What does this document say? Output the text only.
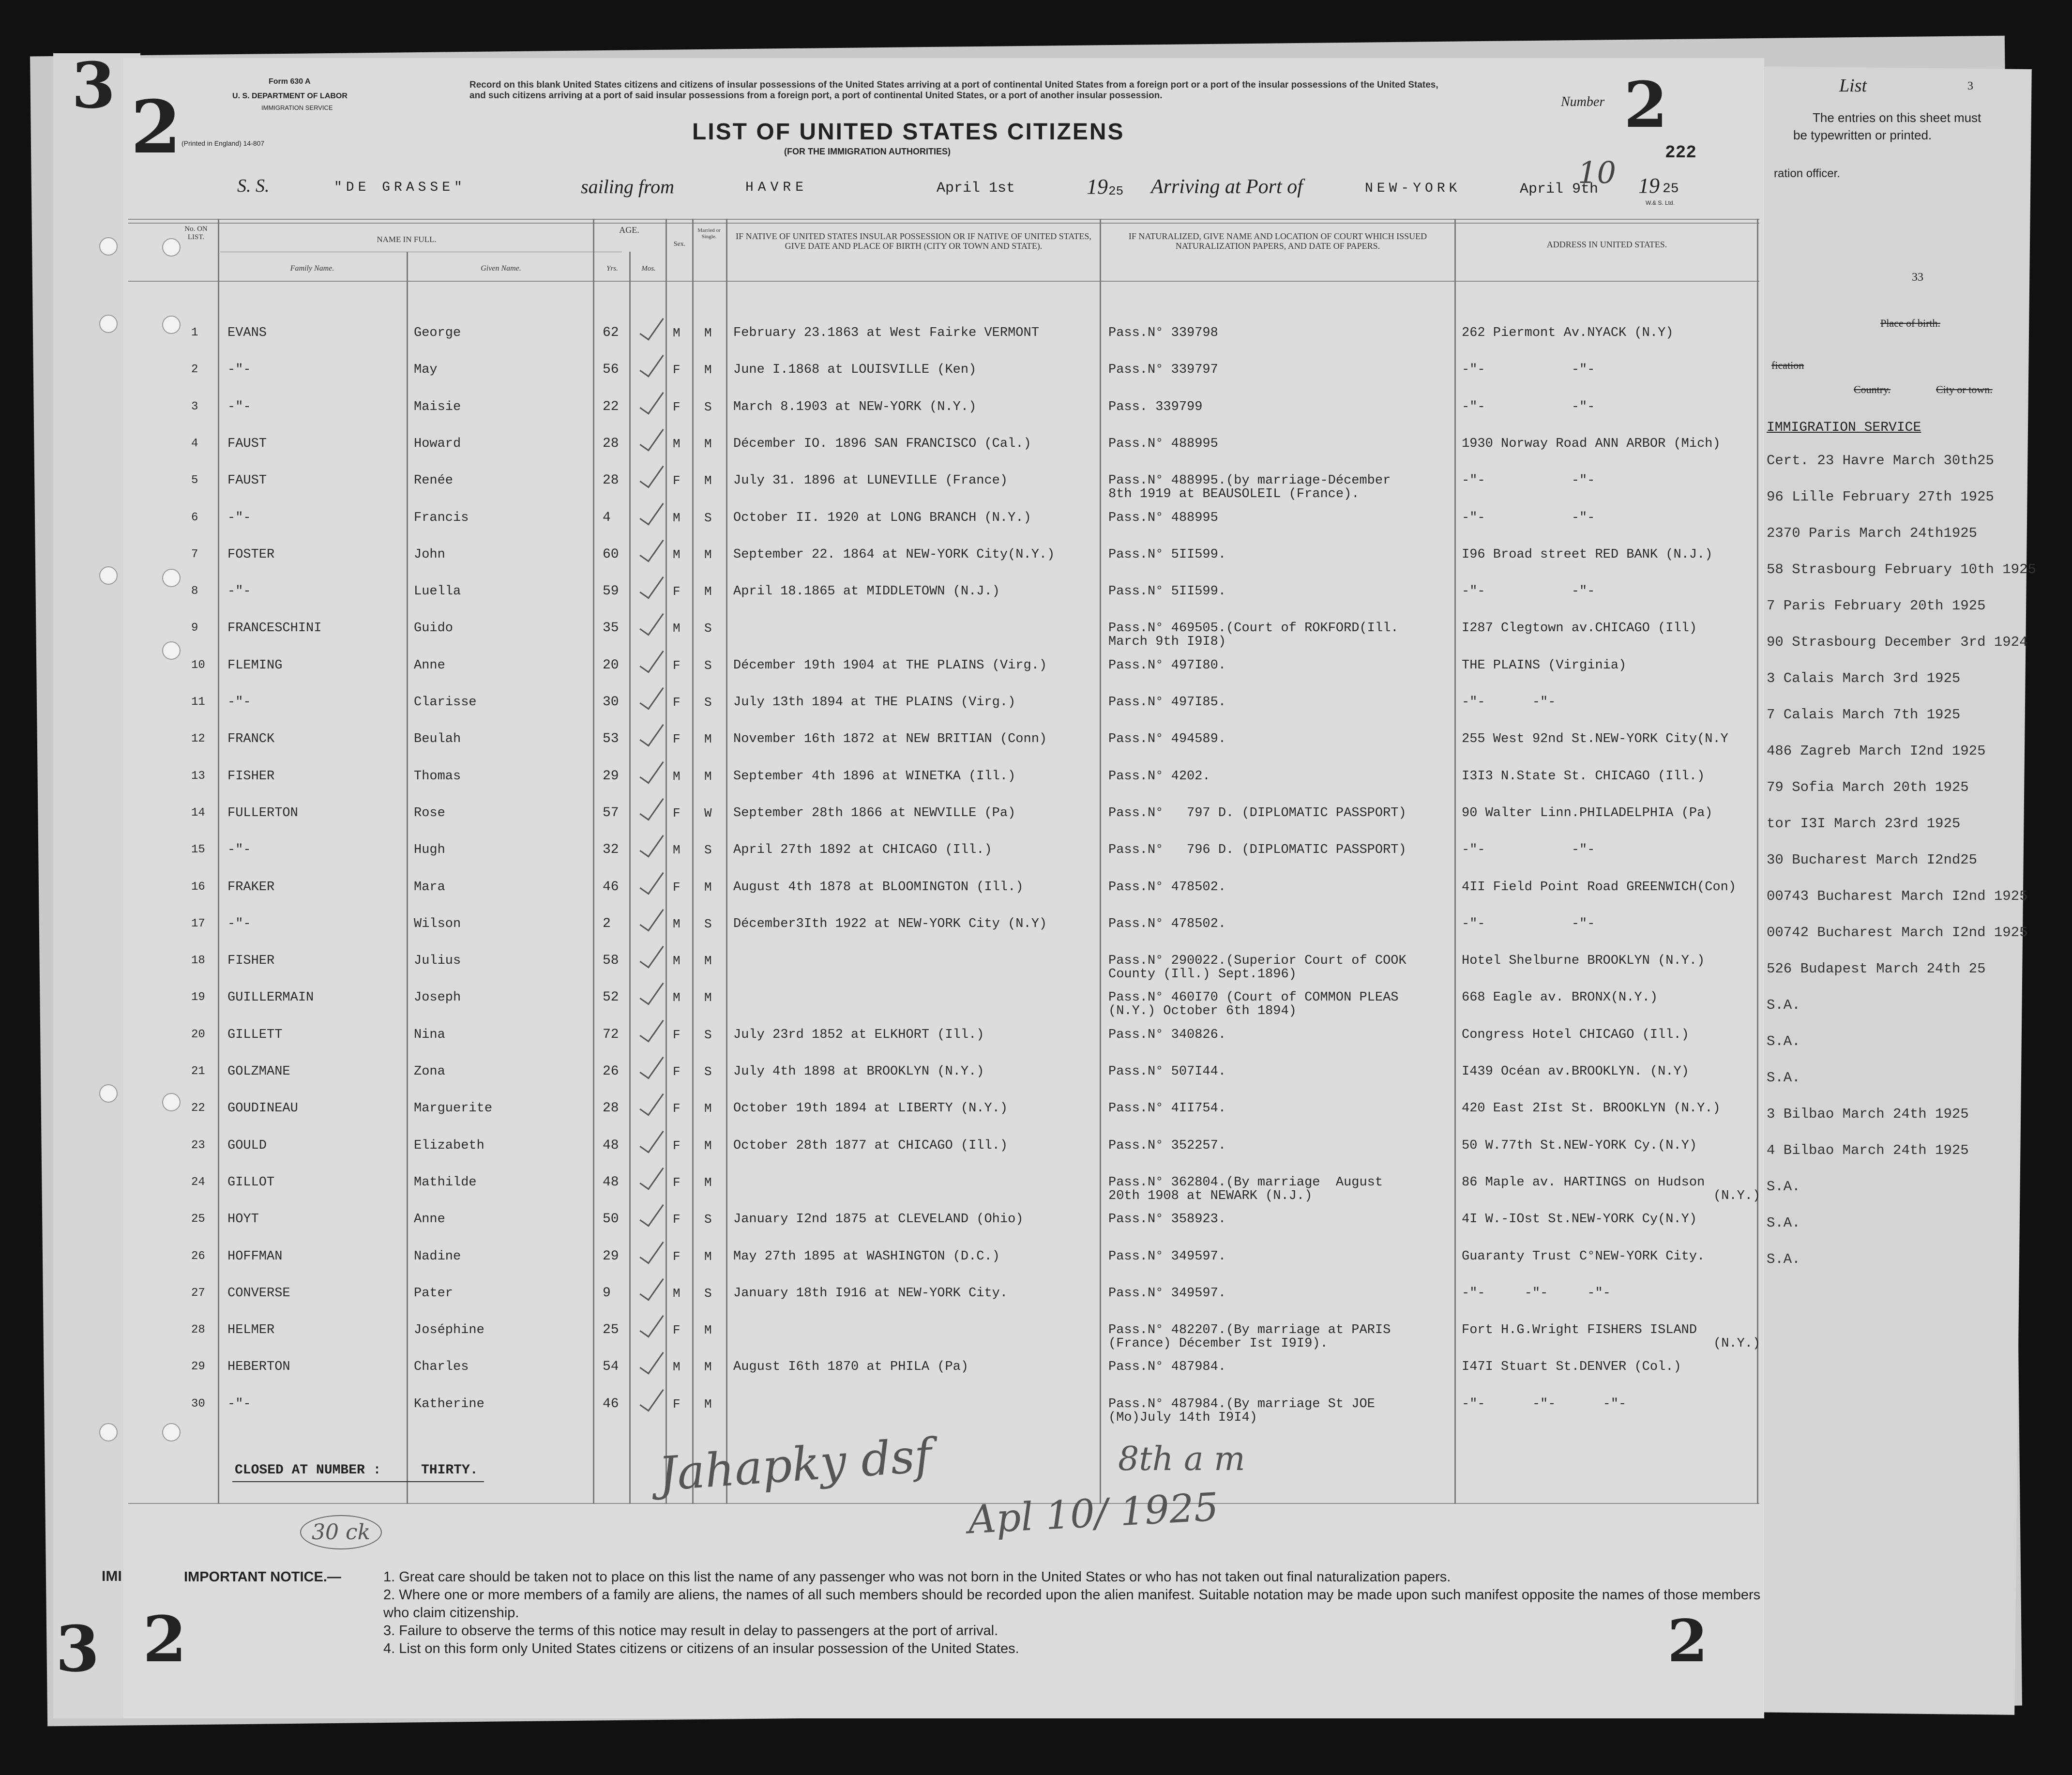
3 2
3 2	2
Form 630 A
U. S. DEPARTMENT OF LABOR
IMMIGRATION SERVICE
(Printed in England) 14-807
Record on this blank United States citizens and citizens of insular possessions of the United States arriving at a port of continental United States from a foreign port or a port of the insular possessions of the United States, and such citizens arriving at a port of said insular possessions from a foreign port, a port of continental United States, or a port of another insular possession.
LIST OF UNITED STATES CITIZENS
(FOR THE IMMIGRATION AUTHORITIES)
Number 2
222
S. S.	"DE GRASSE"	sailing from	HAVRE	April 1st	19 25 Arriving at Port of	NEW-YORK	April 9th
10 19 25
W.& S. Ltd.
No. ON LIST.	NAME IN FULL.
Family Name.	Given Name.
AGE.
Yrs.	Mos.
Sex.
Married or Single.	IF NATIVE OF UNITED STATES INSULAR POSSESSION OR IF NATIVE OF UNITED STATES, GIVE DATE AND PLACE OF BIRTH (CITY OR TOWN AND STATE).
IF NATURALIZED, GIVE NAME AND LOCATION OF COURT WHICH ISSUED NATURALIZATION PAPERS, AND DATE OF PAPERS.	ADDRESS IN UNITED STATES.
1 EVANS	George	62	M M February 23.1863 at West Fairke VERMONT	Pass.N° 339798	262 Piermont Av.NYACK (N.Y)
2 -"-	May	56	F M June I.1868 at LOUISVILLE (Ken)	Pass.N° 339797	-"-           -"-
3 -"-	Maisie	22	F S March 8.1903 at NEW-YORK (N.Y.)	Pass. 339799	-"-           -"-
4 FAUST	Howard	28	M M Décember IO. 1896 SAN FRANCISCO (Cal.)	Pass.N° 488995	1930 Norway Road ANN ARBOR (Mich)
5 FAUST	Renée	28	F M July 31. 1896 at LUNEVILLE (France)	Pass.N° 488995.(by marriage-Décember	-"-           -"-
8th 1919 at BEAUSOLEIL (France).
6 -"-	Francis	4	M S October II. 1920 at LONG BRANCH (N.Y.)	Pass.N° 488995	-"-           -"-
7 FOSTER	John	60	M M September 22. 1864 at NEW-YORK City(N.Y.)	Pass.N° 5II599.	I96 Broad street RED BANK (N.J.)
8 -"-	Luella	59	F M April 18.1865 at MIDDLETOWN (N.J.)	Pass.N° 5II599.	-"-           -"-
9 FRANCESCHINI	Guido	35	M S	Pass.N° 469505.(Court of ROKFORD(Ill.	I287 Clegtown av.CHICAGO (Ill)
March 9th I9I8)
10 FLEMING	Anne	20	F S Décember 19th 1904 at THE PLAINS (Virg.)	Pass.N° 497I80.	THE PLAINS (Virginia)
11 -"-	Clarisse	30	F S July 13th 1894 at THE PLAINS (Virg.)	Pass.N° 497I85.	-"-      -"-
12 FRANCK	Beulah	53	F M November 16th 1872 at NEW BRITIAN (Conn)	Pass.N° 494589.	255 West 92nd St.NEW-YORK City(N.Y
13 FISHER	Thomas	29	M M September 4th 1896 at WINETKA (Ill.)	Pass.N° 4202.	I3I3 N.State St. CHICAGO (Ill.)
14 FULLERTON	Rose	57	F W September 28th 1866 at NEWVILLE (Pa)	Pass.N°   797 D. (DIPLOMATIC PASSPORT)	90 Walter Linn.PHILADELPHIA (Pa)
15 -"-	Hugh	32	M S April 27th 1892 at CHICAGO (Ill.)	Pass.N°   796 D. (DIPLOMATIC PASSPORT)	-"-           -"-
16 FRAKER	Mara	46	F M August 4th 1878 at BLOOMINGTON (Ill.)	Pass.N° 478502.	4II Field Point Road GREENWICH(Con)
17 -"-	Wilson	2	M S Décember3Ith 1922 at NEW-YORK City (N.Y)	Pass.N° 478502.	-"-           -"-
18 FISHER	Julius	58	M M	Pass.N° 290022.(Superior Court of COOK	Hotel Shelburne BROOKLYN (N.Y.)
County (Ill.) Sept.1896)
19 GUILLERMAIN	Joseph	52	M M	Pass.N° 460I70 (Court of COMMON PLEAS	668 Eagle av. BRONX(N.Y.)
(N.Y.) October 6th 1894)
20 GILLETT	Nina	72	F S July 23rd 1852 at ELKHORT (Ill.)	Pass.N° 340826.	Congress Hotel CHICAGO (Ill.)
21 GOLZMANE	Zona	26	F S July 4th 1898 at BROOKLYN (N.Y.)	Pass.N° 507I44.	I439 Océan av.BROOKLYN. (N.Y)
22 GOUDINEAU	Marguerite	28	F M October 19th 1894 at LIBERTY (N.Y.)	Pass.N° 4II754.	420 East 2Ist St. BROOKLYN (N.Y.)
23 GOULD	Elizabeth	48	F M October 28th 1877 at CHICAGO (Ill.)	Pass.N° 352257.	50 W.77th St.NEW-YORK Cy.(N.Y)
24 GILLOT	Mathilde	48	F M	Pass.N° 362804.(By marriage  August	86 Maple av. HARTINGS on Hudson
20th 1908 at NEWARK (N.J.)	(N.Y.)
25 HOYT	Anne	50	F S January I2nd 1875 at CLEVELAND (Ohio)	Pass.N° 358923.	4I W.-IOst St.NEW-YORK Cy(N.Y)
26 HOFFMAN	Nadine	29	F M May 27th 1895 at WASHINGTON (D.C.)	Pass.N° 349597.	Guaranty Trust C°NEW-YORK City.
27 CONVERSE	Pater	9	M S January 18th I916 at NEW-YORK City.	Pass.N° 349597.	-"-     -"-     -"-
28 HELMER	Joséphine	25	F M	Pass.N° 482207.(By marriage at PARIS	Fort H.G.Wright FISHERS ISLAND
(France) Décember Ist I9I9).	(N.Y.)
29 HEBERTON	Charles	54	M M August I6th 1870 at PHILA (Pa)	Pass.N° 487984.	I47I Stuart St.DENVER (Col.)
30 -"-	Katherine	46	F M	Pass.N° 487984.(By marriage St JOE	-"-      -"-      -"-
(Mo)July 14th I9I4)
CLOSED AT NUMBER :	THIRTY.
30 ck
Jahapky dsf	8th a m
Apl 10/ 1925
IMPORTANT NOTICE.—	1. Great care should be taken not to place on this list the name of any passenger who was not born in the United States or who has not taken out final naturalization papers.
2. Where one or more members of a family are aliens, the names of all such members should be recorded upon the alien manifest. Suitable notation may be made upon such manifest opposite the names of those members who claim citizenship.
3. Failure to observe the terms of this notice may result in delay to passengers at the port of arrival.
4. List on this form only United States citizens or citizens of an insular possession of the United States.
IMI
List	3
The entries on this sheet must
be typewritten or printed.
ration officer.
33
Place of birth.
fication
Country.	City or town.
IMMIGRATION SERVICE
Cert. 23 Havre March 30th25
96 Lille February 27th 1925
2370 Paris March 24th1925
58 Strasbourg February 10th 1925
7 Paris February 20th 1925
90 Strasbourg December 3rd 1924
3 Calais March 3rd 1925
7 Calais March 7th 1925
486 Zagreb March I2nd 1925
79 Sofia March 20th 1925
tor I3I March 23rd 1925
30 Bucharest March I2nd25
00743 Bucharest March I2nd 1925
00742 Bucharest March I2nd 1925
526 Budapest March 24th 25
S.A.
S.A.
S.A.
3 Bilbao March 24th 1925
4 Bilbao March 24th 1925
S.A.
S.A.
S.A.
